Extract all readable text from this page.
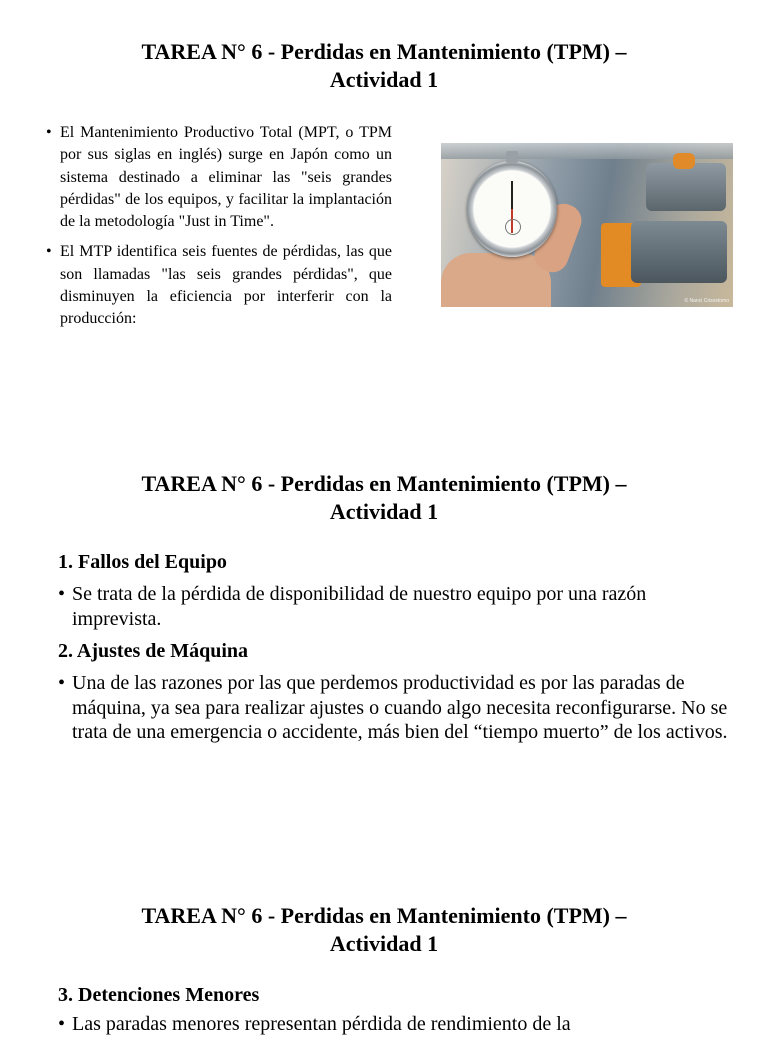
TAREA N° 6 - Perdidas en Mantenimiento (TPM) –
Actividad 1
• El Mantenimiento Productivo Total (MPT, o TPM por sus siglas en inglés) surge en Japón como un sistema destinado a eliminar las "seis grandes pérdidas" de los equipos, y facilitar la implantación de la metodología "Just in Time".
• El MTP identifica seis fuentes de pérdidas, las que son llamadas "las seis grandes pérdidas", que disminuyen la eficiencia por interferir con la producción:
© Nanci Crisostomo
TAREA N° 6 - Perdidas en Mantenimiento (TPM) –
Actividad 1
1. Fallos del Equipo
• Se trata de la pérdida de disponibilidad de nuestro equipo por una razón imprevista.
2. Ajustes de Máquina
• Una de las razones por las que perdemos productividad es por las paradas de máquina, ya sea para realizar ajustes o cuando algo necesita reconfigurarse. No se trata de una emergencia o accidente, más bien del “tiempo muerto” de los activos.
TAREA N° 6 - Perdidas en Mantenimiento (TPM) –
Actividad 1
3. Detenciones Menores
• Las paradas menores representan pérdida de rendimiento de la
